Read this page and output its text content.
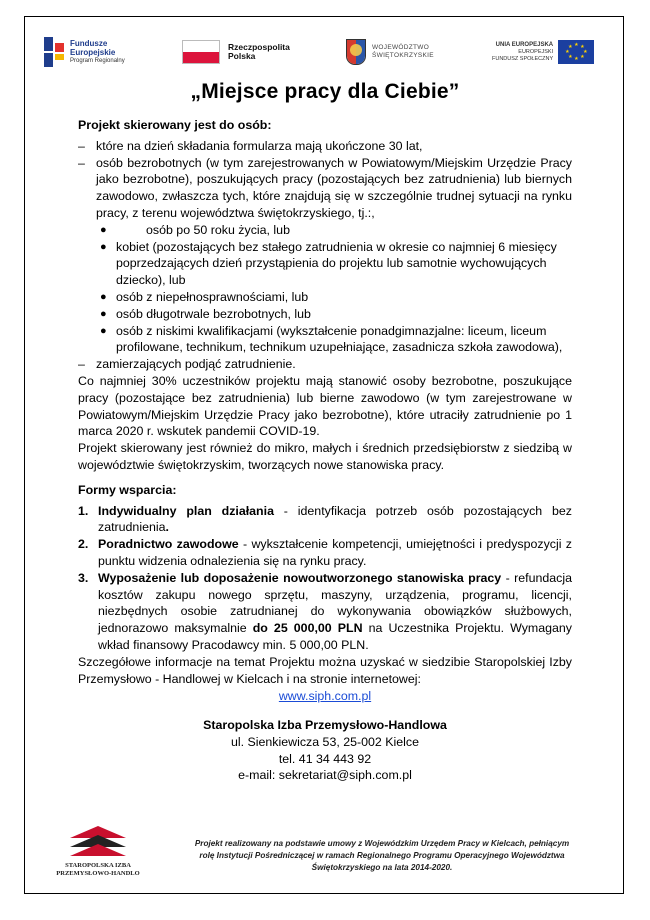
Fundusze
Europejskie
Program Regionalny
Rzeczpospolita
Polska
WOJEWÓDZTWO
ŚWIĘTOKRZYSKIE
UNIA EUROPEJSKA
EUROPEJSKI
FUNDUSZ SPOŁECZNY
★ ★
★
★
★
★
★
★
„Miejsce pracy dla Ciebie”

Projekt skierowany jest do osób:

– które na dzień składania formularza mają ukończone 30 lat,
– osób bezrobotnych (w tym zarejestrowanych w Powiatowym/Miejskim Urzędzie Pracy jako bezrobotne), poszukujących pracy (pozostających bez zatrudnienia) lub biernych zawodowo, zwłaszcza tych, które znajdują się w szczególnie trudnej sytuacji na rynku pracy, z terenu województwa świętokrzyskiego, tj.:,
●	osób po 50 roku życia, lub
● kobiet (pozostających bez stałego zatrudnienia w okresie co najmniej 6 miesięcy poprzedzających dzień przystąpienia do projektu lub samotnie wychowujących dziecko), lub
● osób z niepełnosprawnościami, lub
● osób długotrwale bezrobotnych, lub
● osób z niskimi kwalifikacjami (wykształcenie ponadgimnazjalne: liceum, liceum profilowane, technikum, technikum uzupełniające, zasadnicza szkoła zawodowa),
– zamierzających podjąć zatrudnienie.

Co najmniej 30% uczestników projektu mają stanowić osoby bezrobotne, poszukujące pracy (pozostające bez zatrudnienia) lub bierne zawodowo (w tym zarejestrowane w Powiatowym/Miejskim Urzędzie Pracy jako bezrobotne), które utraciły zatrudnienie po 1 marca 2020 r. wskutek pandemii COVID-19.

Projekt skierowany jest również do mikro, małych i średnich przedsiębiorstw z siedzibą w województwie świętokrzyskim, tworzących nowe stanowiska pracy.

Formy wsparcia:

1. Indywidualny plan działania - identyfikacja potrzeb osób pozostających bez zatrudnienia.
2. Poradnictwo zawodowe - wykształcenie kompetencji, umiejętności i predyspozycji z punktu widzenia odnalezienia się na rynku pracy.
3. Wyposażenie lub doposażenie nowoutworzonego stanowiska pracy - refundacja kosztów zakupu nowego sprzętu, maszyny, urządzenia, programu, licencji, niezbędnych osobie zatrudnianej do wykonywania obowiązków służbowych, jednorazowo maksymalnie do 25 000,00 PLN na Uczestnika Projektu. Wymagany wkład finansowy Pracodawcy min. 5 000,00 PLN.

Szczegółowe informacje na temat Projektu można uzyskać w siedzibie Staropolskiej Izby Przemysłowo - Handlowej w Kielcach i na stronie internetowej:

www.siph.com.pl

Staropolska Izba Przemysłowo-Handlowa
ul. Sienkiewicza 53, 25-002 Kielce
tel. 41 34 443 92
e-mail: sekretariat@siph.com.pl
STAROPOLSKA IZBA
PRZEMYSŁOWO-HANDLO
Projekt realizowany na podstawie umowy z Wojewódzkim Urzędem Pracy w Kielcach, pełniącym rolę Instytucji Pośredniczącej w ramach Regionalnego Programu Operacyjnego Województwa Świętokrzyskiego na lata 2014-2020.
